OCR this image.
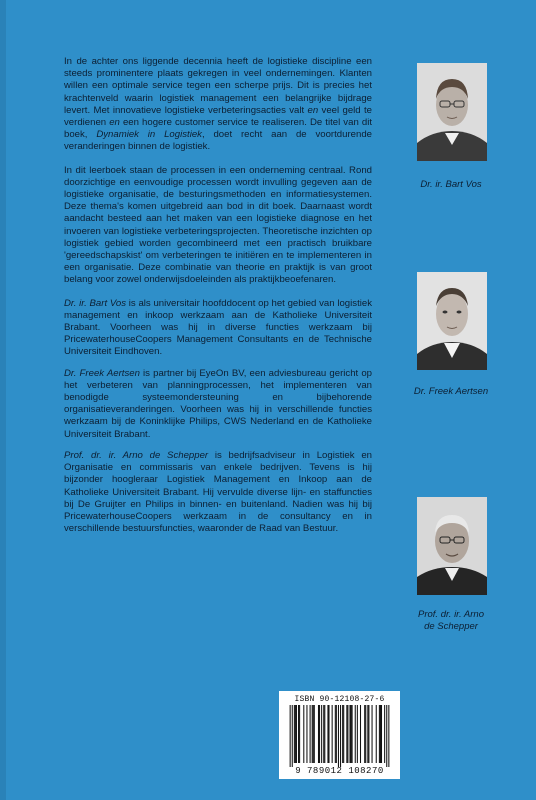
In de achter ons liggende decennia heeft de logistieke discipline een steeds prominentere plaats gekregen in veel ondernemingen. Klanten willen een optimale service tegen een scherpe prijs. Dit is precies het krachtenveld waarin logistiek management een belangrijke bijdrage levert. Met innovatieve logistieke verbeteringsacties valt en veel geld te verdienen en een hogere customer service te realiseren. De titel van dit boek, Dynamiek in Logistiek, doet recht aan de voortdurende veranderingen binnen de logistiek.

In dit leerboek staan de processen in een onderneming centraal. Rond doorzichtige en eenvoudige processen wordt invulling gegeven aan de logistieke organisatie, de besturingsmethoden en informatiesystemen. Deze thema's komen uitgebreid aan bod in dit boek. Daarnaast wordt aandacht besteed aan het maken van een logistieke diagnose en het invoeren van logistieke verbeteringsprojecten. Theoretische inzichten op logistiek gebied worden gecombineerd met een practisch bruikbare 'gereedschapskist' om verbeteringen te initiëren en te implementeren in een organisatie. Deze combinatie van theorie en praktijk is van groot belang voor zowel onderwijsdoeleinden als praktijkbeoefenaren.

Dr. ir. Bart Vos is als universitair hoofddocent op het gebied van logistiek management en inkoop werkzaam aan de Katholieke Universiteit Brabant. Voorheen was hij in diverse functies werkzaam bij PricewaterhouseCoopers Management Consultants en de Technische Universiteit Eindhoven.

Dr. Freek Aertsen is partner bij EyeOn BV, een adviesbureau gericht op het verbeteren van planningprocessen, het implementeren van benodigde systeemondersteuning en bijbehorende organisatieveranderingen. Voorheen was hij in verschillende functies werkzaam bij de Koninklijke Philips, CWS Nederland en de Katholieke Universiteit Brabant.

Prof. dr. ir. Arno de Schepper is bedrijfsadviseur in Logistiek en Organisatie en commissaris van enkele bedrijven. Tevens is hij bijzonder hoogleraar Logistiek Management en Inkoop aan de Katholieke Universiteit Brabant. Hij vervulde diverse lijn- en staffuncties bij De Gruijter en Philips in binnen- en buitenland. Nadien was hij bij PricewaterhouseCoopers werkzaam in de consultancy en in verschillende bestuursfuncties, waaronder de Raad van Bestuur.

Dr. ir. Bart Vos
Dr. Freek Aertsen
Prof. dr. ir. Arno
de Schepper
ISBN 90-12108-27-6
9 789012 108270
